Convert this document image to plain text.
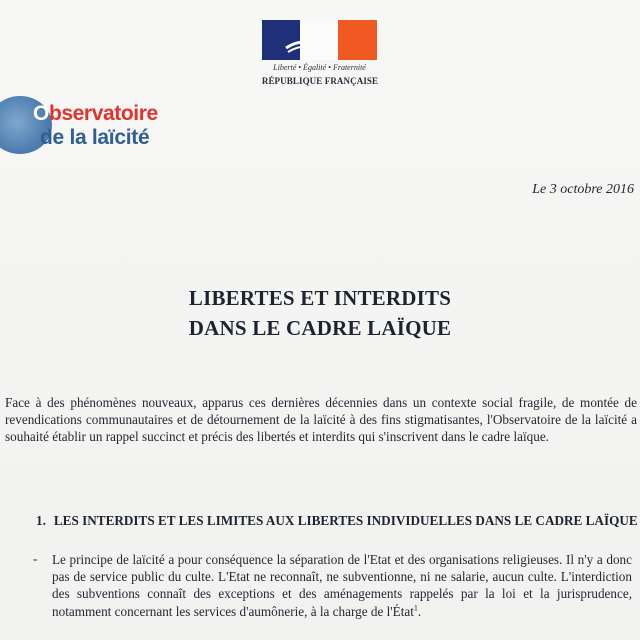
Liberté • Égalité • Fraternité
RÉPUBLIQUE FRANÇAISE
Observatoire
de la laïcité
Le 3 octobre 2016
LIBERTES ET INTERDITS
DANS LE CADRE LAÏQUE
Face à des phénomènes nouveaux, apparus ces dernières décennies dans un contexte social fragile, de montée de revendications communautaires et de détournement de la laïcité à des fins stigmatisantes, l'Observatoire de la laïcité a souhaité établir un rappel succinct et précis des libertés et interdits qui s'inscrivent dans le cadre laïque.
1. LES INTERDITS ET LES LIMITES AUX LIBERTES INDIVIDUELLES DANS LE CADRE LAÏQUE
- Le principe de laïcité a pour conséquence la séparation de l'Etat et des organisations religieuses. Il n'y a donc pas de service public du culte. L'Etat ne reconnaît, ne subventionne, ni ne salarie, aucun culte. L'interdiction des subventions connaît des exceptions et des aménagements rappelés par la loi et la jurisprudence, notamment concernant les services d'aumônerie, à la charge de l'État$^1$.
